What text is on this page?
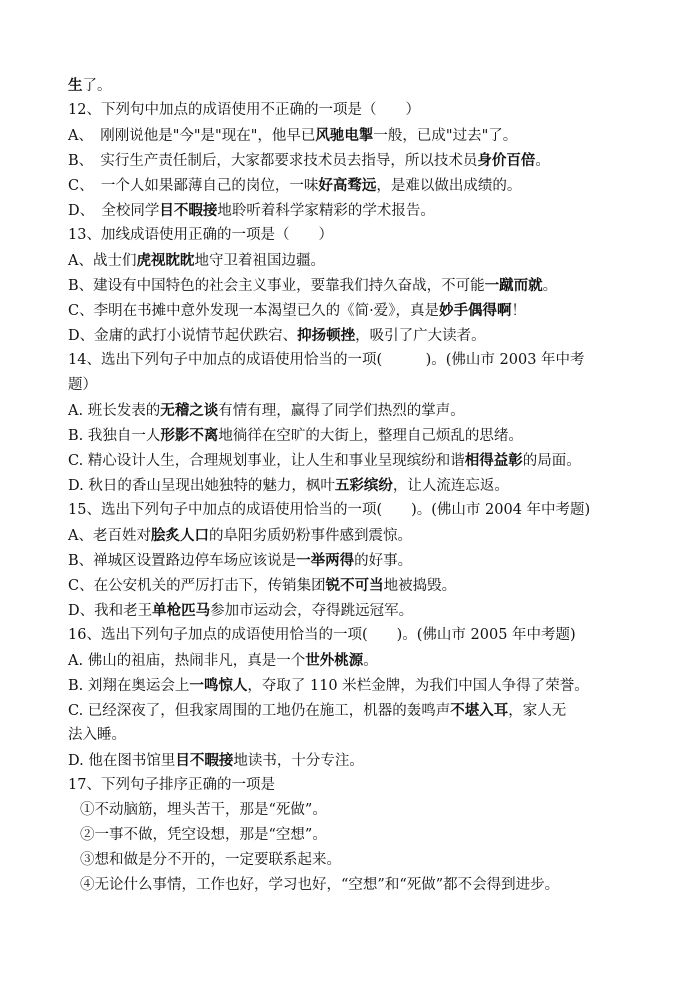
生了。
12、下列句中加点的成语使用不正确的一项是（　　）
A、　刚刚说他是"今"是"现在"，他早已风驰电掣一般，已成"过去"了。
B、　实行生产责任制后，大家都要求技术员去指导，所以技术员身价百倍。
C、　一个人如果鄙薄自己的岗位，一味好高骛远，是难以做出成绩的。
D、　全校同学目不暇接地聆听着科学家精彩的学术报告。
13、加线成语使用正确的一项是（　　）
A、战士们虎视眈眈地守卫着祖国边疆。
B、建设有中国特色的社会主义事业，要靠我们持久奋战，不可能一蹴而就。
C、李明在书摊中意外发现一本渴望已久的《简·爱》，真是妙手偶得啊！
D、金庸的武打小说情节起伏跌宕、抑扬顿挫，吸引了广大读者。
14、选出下列句子中加点的成语使用恰当的一项(　　　)。(佛山市 2003 年中考
题）
A. 班长发表的无稽之谈有情有理，赢得了同学们热烈的掌声。
B. 我独自一人形影不离地徜徉在空旷的大街上，整理自己烦乱的思绪。
C. 精心设计人生，合理规划事业，让人生和事业呈现缤纷和谐相得益彰的局面。
D. 秋日的香山呈现出她独特的魅力，枫叶五彩缤纷，让人流连忘返。
15、选出下列句子中加点的成语使用恰当的一项(　　)。(佛山市 2004 年中考题)
A、老百姓对脍炙人口的阜阳劣质奶粉事件感到震惊。
B、禅城区设置路边停车场应该说是一举两得的好事。
C、在公安机关的严厉打击下，传销集团锐不可当地被捣毁。
D、我和老王单枪匹马参加市运动会，夺得跳远冠军。
16、选出下列句子加点的成语使用恰当的一项(　　)。(佛山市 2005 年中考题)
A. 佛山的祖庙，热闹非凡，真是一个世外桃源。
B. 刘翔在奥运会上一鸣惊人，夺取了 110 米栏金牌，为我们中国人争得了荣誉。
C. 已经深夜了，但我家周围的工地仍在施工，机器的轰鸣声不堪入耳，家人无
法入睡。
D. 他在图书馆里目不暇接地读书，十分专注。
17、下列句子排序正确的一项是
①不动脑筋，埋头苦干，那是“死做”。
②一事不做，凭空设想，那是“空想”。
③想和做是分不开的，一定要联系起来。
④无论什么事情，工作也好，学习也好，“空想”和“死做”都不会得到进步。
